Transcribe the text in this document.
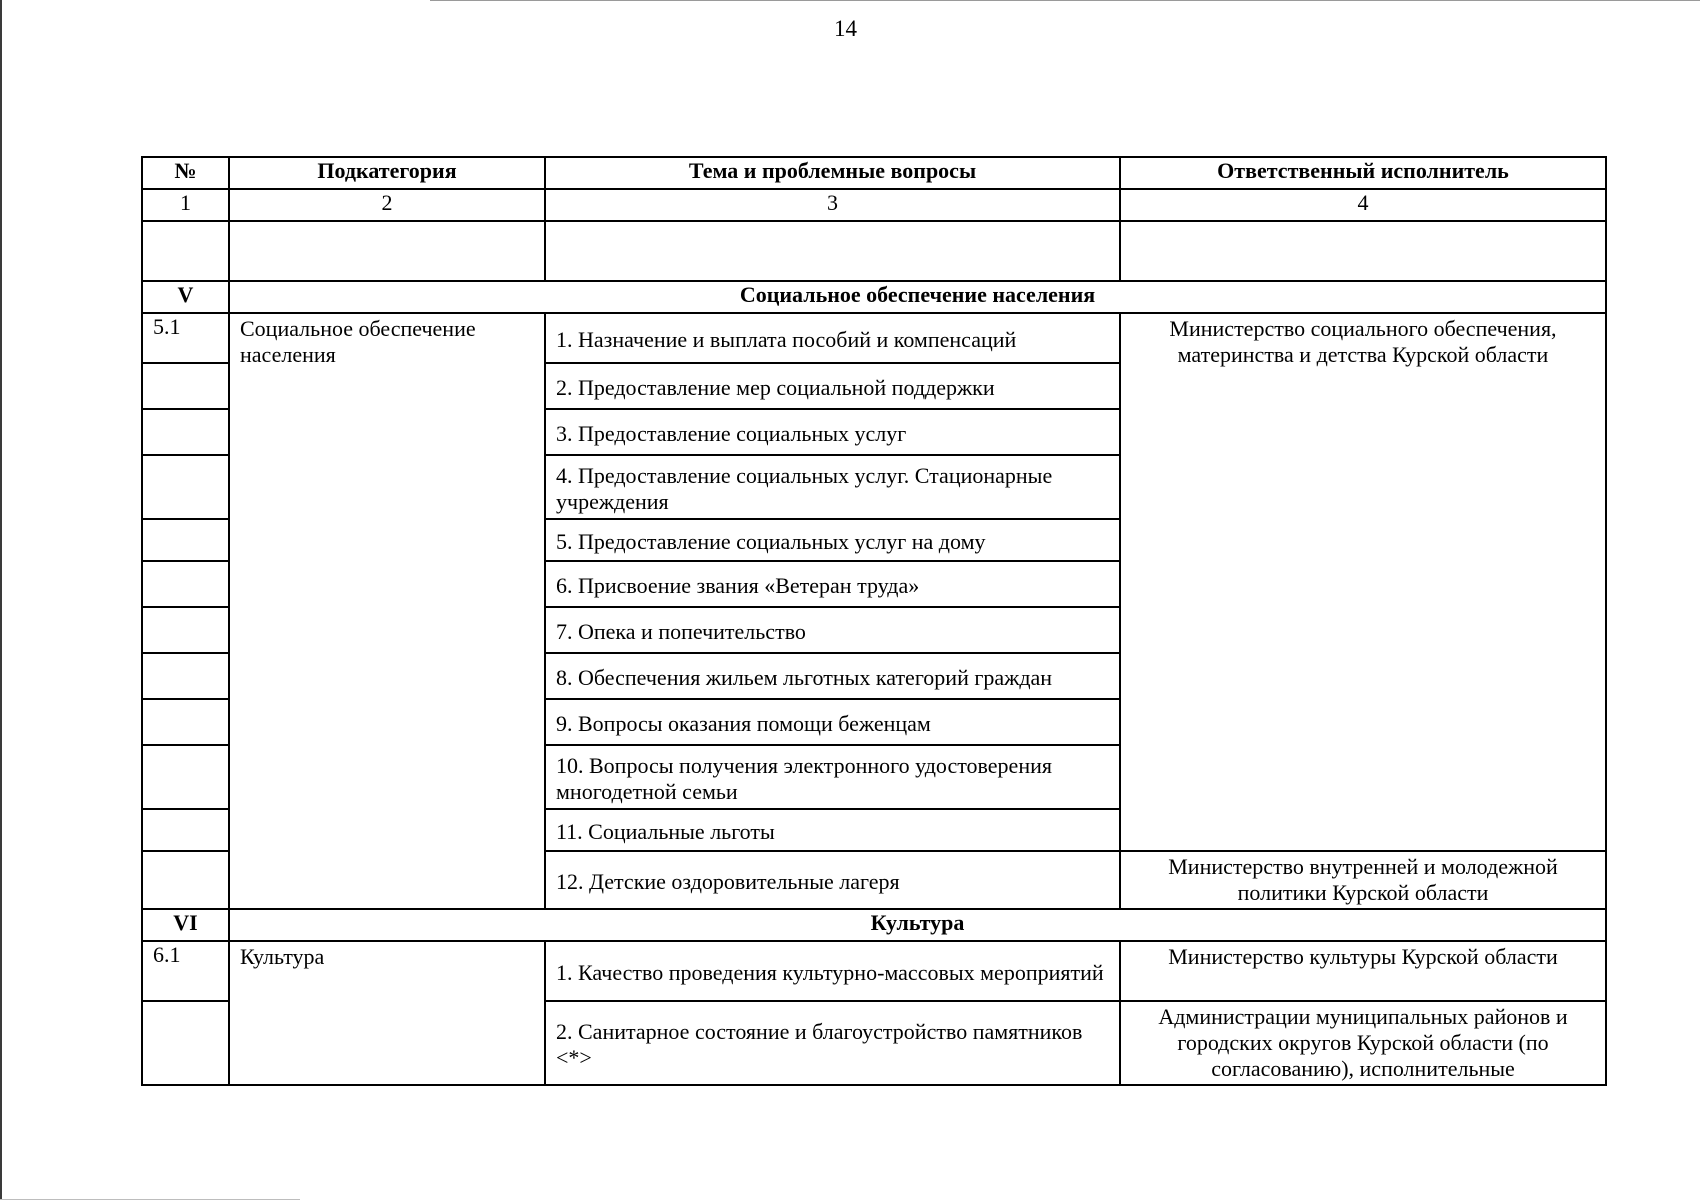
14
№	Подкатегория	Тема и проблемные вопросы	Ответственный исполнитель
1	2	3	4

V	Социальное обеспечение населения		
5.1	Социальное обеспечение населения	1. Назначение и выплата пособий и компенсаций	Министерство социального обеспечения, материнства и детства Курской области
		2. Предоставление мер социальной поддержки	
		3. Предоставление социальных услуг	
		4. Предоставление социальных услуг. Стационарные учреждения	
		5. Предоставление социальных услуг на дому	
		6. Присвоение звания «Ветеран труда»	
		7. Опека и попечительство	
		8. Обеспечения жильем льготных категорий граждан	
		9. Вопросы оказания помощи беженцам	
		10. Вопросы получения электронного удостоверения многодетной семьи	
		11. Социальные льготы	
		12. Детские оздоровительные лагеря	Министерство внутренней и молодежной политики Курской области
VI	Культура		
6.1	Культура	1. Качество проведения культурно-массовых мероприятий	Министерство культуры Курской области
		2. Санитарное состояние и благоустройство памятников <*>	Администрации муниципальных районов и городских округов Курской области (по согласованию), исполнительные
